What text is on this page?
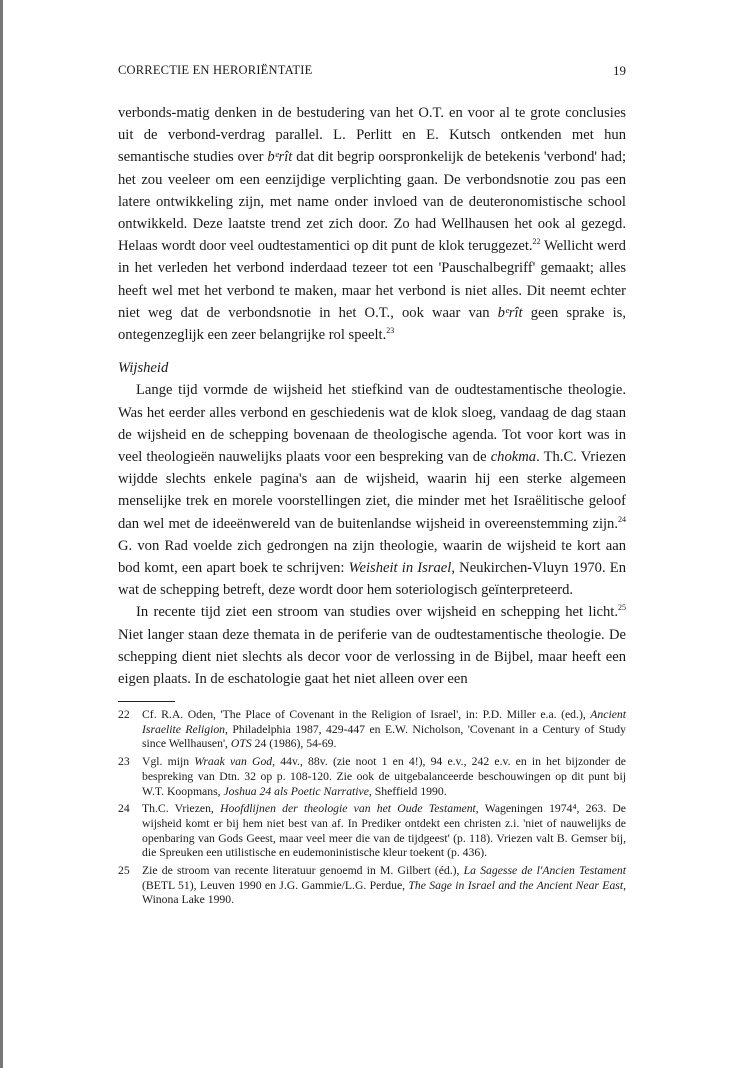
CORRECTIE EN HERORIËNTATIE	19

verbonds-matig denken in de bestudering van het O.T. en voor al te grote conclusies uit de verbond-verdrag parallel. L. Perlitt en E. Kutsch ontkenden met hun semantische studies over bᵉrît dat dit begrip oorspronkelijk de betekenis 'verbond' had; het zou veeleer om een eenzijdige verplichting gaan. De verbondsnotie zou pas een latere ontwikkeling zijn, met name onder invloed van de deuteronomistische school ontwikkeld. Deze laatste trend zet zich door. Zo had Wellhausen het ook al gezegd. Helaas wordt door veel oudtestamentici op dit punt de klok teruggezet.$^{22}$ Wellicht werd in het verleden het verbond inderdaad tezeer tot een 'Pauschalbegriff' gemaakt; alles heeft wel met het verbond te maken, maar het verbond is niet alles. Dit neemt echter niet weg dat de verbondsnotie in het O.T., ook waar van bᵉrît geen sprake is, ontegenzeglijk een zeer belangrijke rol speelt.$^{23}$

Wijsheid

Lange tijd vormde de wijsheid het stiefkind van de oudtestamentische theologie. Was het eerder alles verbond en geschiedenis wat de klok sloeg, vandaag de dag staan de wijsheid en de schepping bovenaan de theologische agenda. Tot voor kort was in veel theologieën nauwelijks plaats voor een bespreking van de chokma. Th.C. Vriezen wijdde slechts enkele pagina's aan de wijsheid, waarin hij een sterke algemeen menselijke trek en morele voorstellingen ziet, die minder met het Israëlitische geloof dan wel met de ideeënwereld van de buitenlandse wijsheid in overeenstemming zijn.$^{24}$ G. von Rad voelde zich gedrongen na zijn theologie, waarin de wijsheid te kort aan bod komt, een apart boek te schrijven: Weisheit in Israel, Neukirchen-Vluyn 1970. En wat de schepping betreft, deze wordt door hem soteriologisch geïnterpreteerd.

In recente tijd ziet een stroom van studies over wijsheid en schepping het licht.$^{25}$ Niet langer staan deze themata in de periferie van de oudtestamentische theologie. De schepping dient niet slechts als decor voor de verlossing in de Bijbel, maar heeft een eigen plaats. In de eschatologie gaat het niet alleen over een

22	Cf. R.A. Oden, 'The Place of Covenant in the Religion of Israel', in: P.D. Miller e.a. (ed.), Ancient Israelite Religion, Philadelphia 1987, 429-447 en E.W. Nicholson, 'Covenant in a Century of Study since Wellhausen', OTS 24 (1986), 54-69.
23	Vgl. mijn Wraak van God, 44v., 88v. (zie noot 1 en 4!), 94 e.v., 242 e.v. en in het bijzonder de bespreking van Dtn. 32 op p. 108-120. Zie ook de uitgebalanceerde beschouwingen op dit punt bij W.T. Koopmans, Joshua 24 als Poetic Narrative, Sheffield 1990.
24	Th.C. Vriezen, Hoofdlijnen der theologie van het Oude Testament, Wageningen 1974⁴, 263. De wijsheid komt er bij hem niet best van af. In Prediker ontdekt een christen z.i. 'niet of nauwelijks de openbaring van Gods Geest, maar veel meer die van de tijdgeest' (p. 118). Vriezen valt B. Gemser bij, die Spreuken een utilistische en eudemoninistische kleur toekent (p. 436).
25	Zie de stroom van recente literatuur genoemd in M. Gilbert (éd.), La Sagesse de l'Ancien Testament (BETL 51), Leuven 1990 en J.G. Gammie/L.G. Perdue, The Sage in Israel and the Ancient Near East, Winona Lake 1990.
